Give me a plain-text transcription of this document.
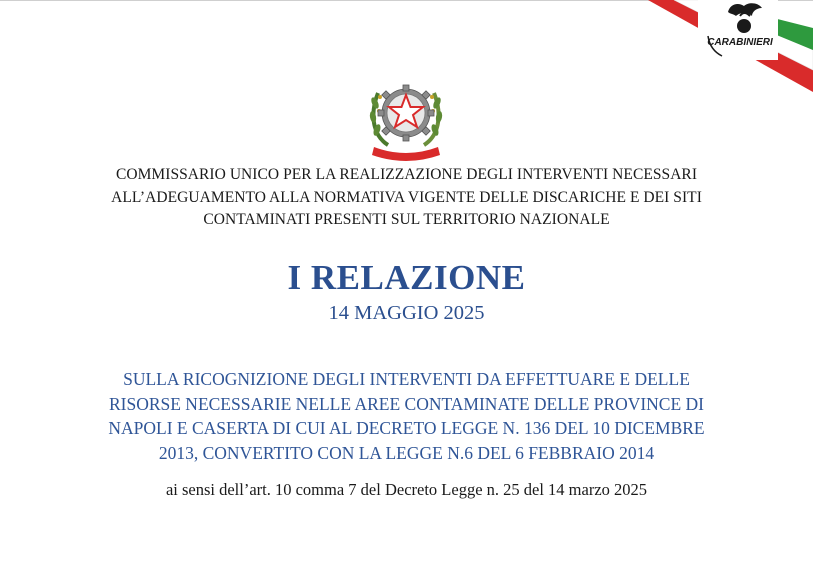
CARABINIERI
COMMISSARIO UNICO PER LA REALIZZAZIONE DEGLI INTERVENTI NECESSARI
ALL’ADEGUAMENTO ALLA NORMATIVA VIGENTE DELLE DISCARICHE E DEI SITI
CONTAMINATI PRESENTI SUL TERRITORIO NAZIONALE
I RELAZIONE
14 MAGGIO 2025
SULLA RICOGNIZIONE DEGLI INTERVENTI DA EFFETTUARE E DELLE
RISORSE NECESSARIE NELLE AREE CONTAMINATE DELLE PROVINCE DI
NAPOLI E CASERTA DI CUI AL DECRETO LEGGE N. 136 DEL 10 DICEMBRE
2013, CONVERTITO CON LA LEGGE N.6 DEL 6 FEBBRAIO 2014
ai sensi dell’art. 10 comma 7 del Decreto Legge n. 25 del 14 marzo 2025
